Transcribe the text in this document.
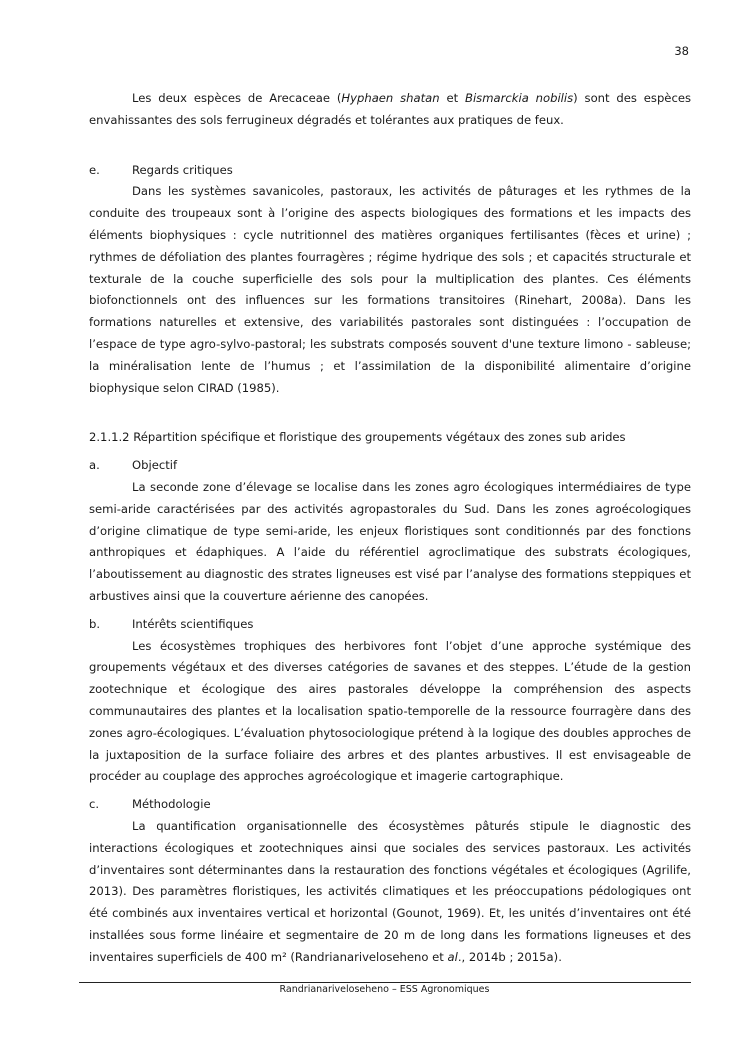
38

Les deux espèces de Arecaceae (Hyphaen shatan et Bismarckia nobilis) sont des espèces envahissantes des sols ferrugineux dégradés et tolérantes aux pratiques de feux.

e.	Regards critiques

Dans les systèmes savanicoles, pastoraux, les activités de pâturages et les rythmes de la conduite des troupeaux sont à l’origine des aspects biologiques des formations et les impacts des éléments biophysiques : cycle nutritionnel des matières organiques fertilisantes (fèces et urine) ; rythmes de défoliation des plantes fourragères ; régime hydrique des sols ; et capacités structurale et texturale de la couche superficielle des sols pour la multiplication des plantes. Ces éléments biofonctionnels ont des influences sur les formations transitoires (Rinehart, 2008a). Dans les formations naturelles et extensive, des variabilités pastorales sont distinguées : l’occupation de l’espace de type agro-sylvo-pastoral; les substrats composés souvent d'une texture limono - sableuse; la minéralisation lente de l’humus ; et l’assimilation de la disponibilité alimentaire d’origine biophysique selon CIRAD (1985).

2.1.1.2 Répartition spécifique et floristique des groupements végétaux des zones sub arides

a.	Objectif

La seconde zone d’élevage se localise dans les zones agro écologiques intermédiaires de type semi-aride caractérisées par des activités agropastorales du Sud. Dans les zones agroécologiques d’origine climatique de type semi-aride, les enjeux floristiques sont conditionnés par des fonctions anthropiques et édaphiques. A l’aide du référentiel agroclimatique des substrats écologiques, l’aboutissement au diagnostic des strates ligneuses est visé par l’analyse des formations steppiques et arbustives ainsi que la couverture aérienne des canopées.

b.	Intérêts scientifiques

Les écosystèmes trophiques des herbivores font l’objet d’une approche systémique des groupements végétaux et des diverses catégories de savanes et des steppes. L’étude de la gestion zootechnique et écologique des aires pastorales développe la compréhension des aspects communautaires des plantes et la localisation spatio-temporelle de la ressource fourragère dans des zones agro-écologiques. L’évaluation phytosociologique prétend à la logique des doubles approches de la juxtaposition de la surface foliaire des arbres et des plantes arbustives. Il est envisageable de procéder au couplage des approches agroécologique et imagerie cartographique.

c.	Méthodologie

La quantification organisationnelle des écosystèmes pâturés stipule le diagnostic des interactions écologiques et zootechniques ainsi que sociales des services pastoraux. Les activités d’inventaires sont déterminantes dans la restauration des fonctions végétales et écologiques (Agrilife, 2013). Des paramètres floristiques, les activités climatiques et les préoccupations pédologiques ont été combinés aux inventaires vertical et horizontal (Gounot, 1969). Et, les unités d’inventaires ont été installées sous forme linéaire et segmentaire de 20 m de long dans les formations ligneuses et des inventaires superficiels de 400 m² (Randrianarivelosehenо et al., 2014b ; 2015a).

Randrianarivelosehenо – ESS Agronomiques
